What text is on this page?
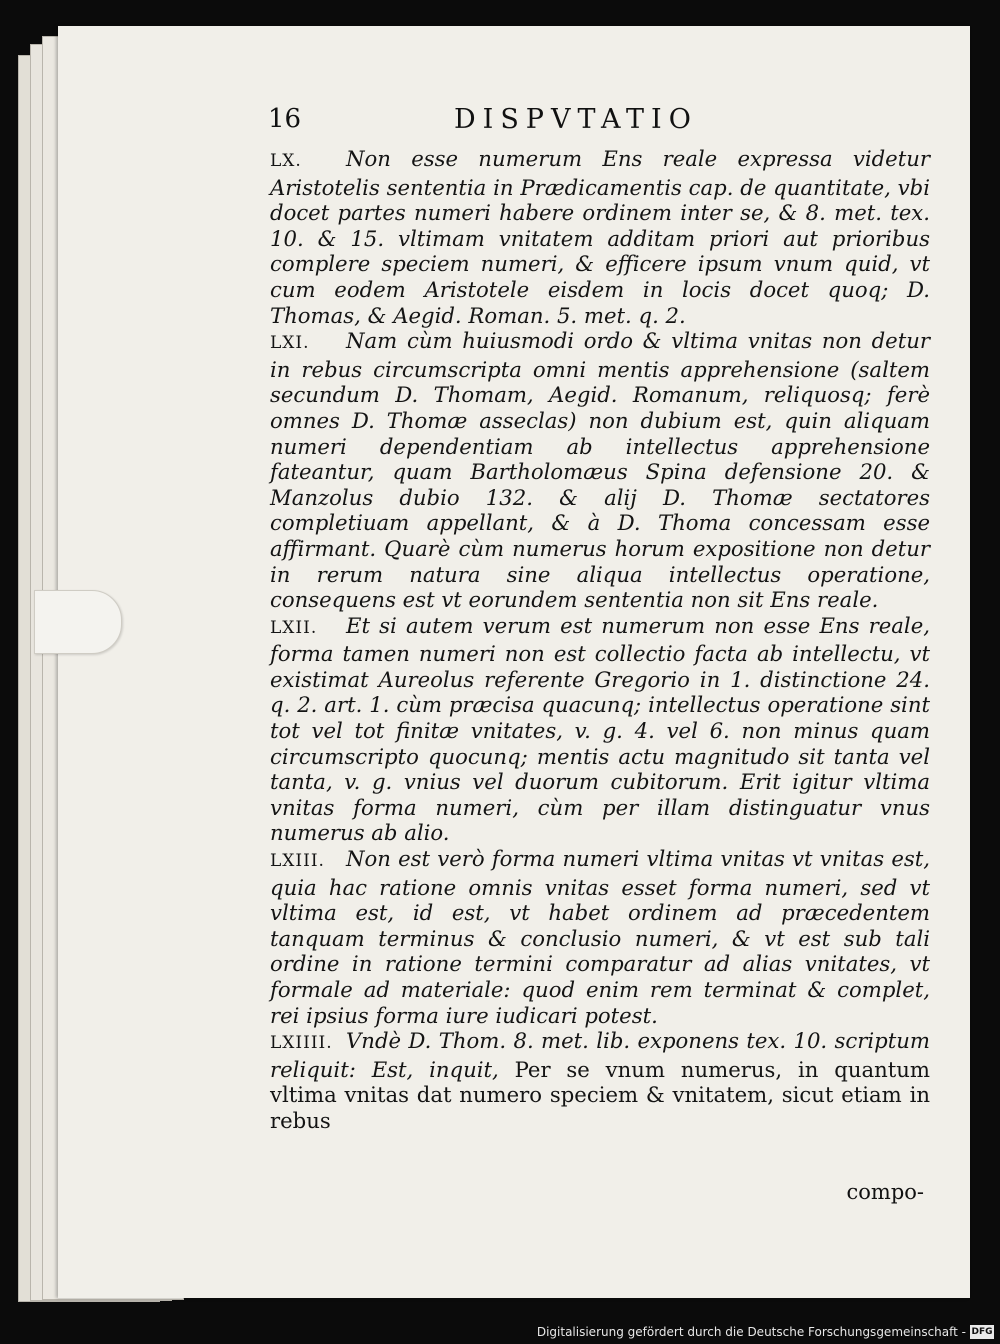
16	DISPVTATIO

LX. Non esse numerum Ens reale expressa videtur Aristotelis sententia in Prædicamentis cap. de quantitate, vbi docet partes numeri habere ordinem inter se, & 8. met. tex. 10. & 15. vltimam vnitatem additam priori aut prioribus complere speciem numeri, & efficere ipsum vnum quid, vt cum eodem Aristotele eisdem in locis docet quoq; D. Thomas, & Aegid. Roman. 5. met. q. 2.

LXI. Nam cùm huiusmodi ordo & vltima vnitas non detur in rebus circumscripta omni mentis apprehensione (saltem secundum D. Thomam, Aegid. Romanum, reliquosq; ferè omnes D. Thomæ asseclas) non dubium est, quin aliquam numeri dependentiam ab intellectus apprehensione fateantur, quam Bartholomæus Spina defensione 20. & Manzolus dubio 132. & alij D. Thomæ sectatores completiuam appellant, & à D. Thoma concessam esse affirmant. Quarè cùm numerus horum expositione non detur in rerum natura sine aliqua intellectus operatione, consequens est vt eorundem sententia non sit Ens reale.

LXII. Et si autem verum est numerum non esse Ens reale, forma tamen numeri non est collectio facta ab intellectu, vt existimat Aureolus referente Gregorio in 1. distinctione 24. q. 2. art. 1. cùm præcisa quacunq; intellectus operatione sint tot vel tot finitæ vnitates, v. g. 4. vel 6. non minus quam circumscripto quocunq; mentis actu magnitudo sit tanta vel tanta, v. g. vnius vel duorum cubitorum. Erit igitur vltima vnitas forma numeri, cùm per illam distinguatur vnus numerus ab alio.

LXIII. Non est verò forma numeri vltima vnitas vt vnitas est, quia hac ratione omnis vnitas esset forma numeri, sed vt vltima est, id est, vt habet ordinem ad præcedentem tanquam terminus & conclusio numeri, & vt est sub tali ordine in ratione termini comparatur ad alias vnitates, vt formale ad materiale: quod enim rem terminat & complet, rei ipsius forma iure iudicari potest.

LXIIII. Vndè D. Thom. 8. met. lib. exponens tex. 10. scriptum reliquit: Est, inquit, Per se vnum numerus, in quantum vltima vnitas dat numero speciem & vnitatem, sicut etiam in rebus

compo-
Digitalisierung gefördert durch die Deutsche Forschungsgemeinschaft - DFG
